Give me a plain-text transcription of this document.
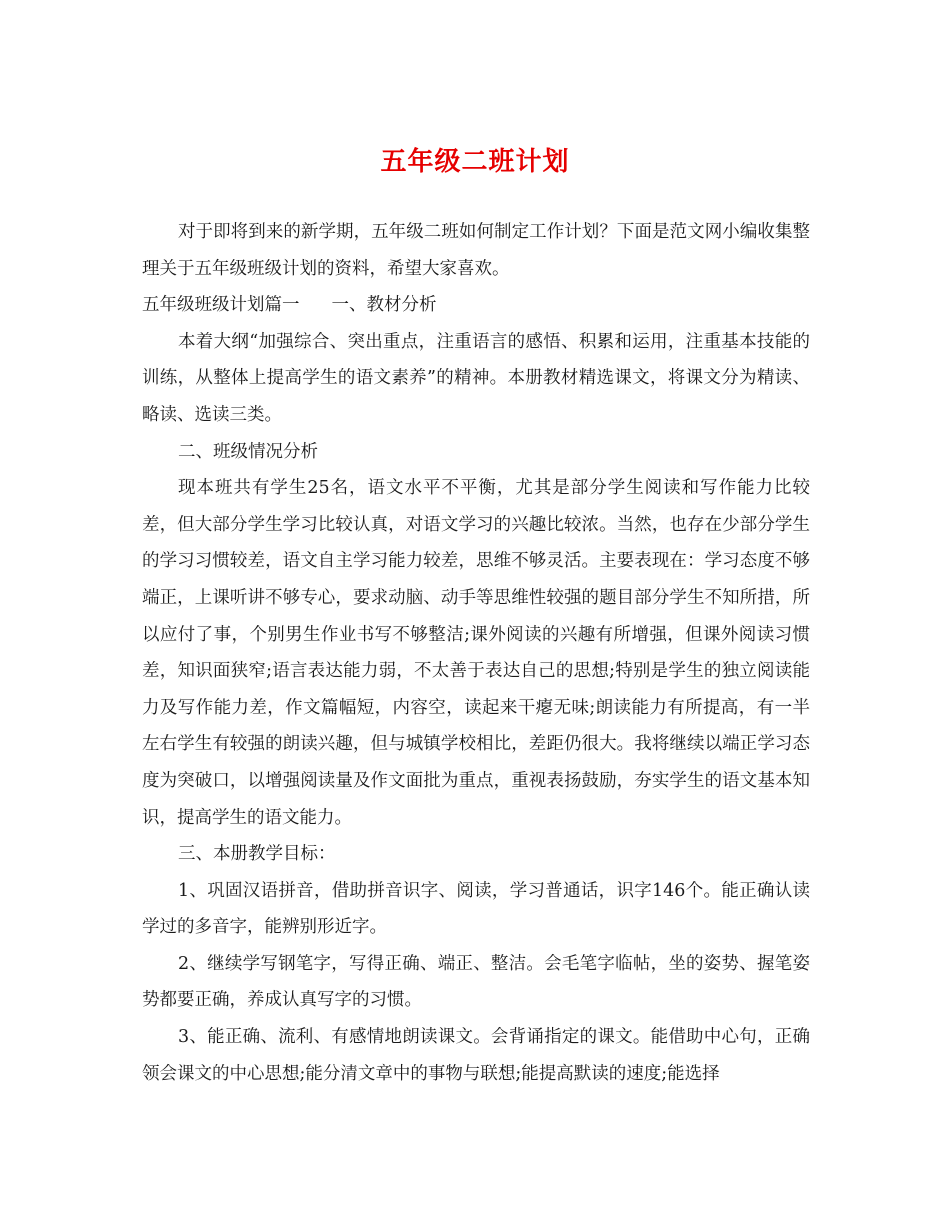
五年级二班计划

对于即将到来的新学期，五年级二班如何制定工作计划？下面是范文网小编收集整理关于五年级班级计划的资料，希望大家喜欢。

五年级班级计划篇一 一、教材分析

本着大纲“加强综合、突出重点，注重语言的感悟、积累和运用，注重基本技能的训练，从整体上提高学生的语文素养”的精神。本册教材精选课文，将课文分为精读、略读、选读三类。

二、班级情况分析

现本班共有学生25名，语文水平不平衡，尤其是部分学生阅读和写作能力比较差，但大部分学生学习比较认真，对语文学习的兴趣比较浓。当然，也存在少部分学生的学习习惯较差，语文自主学习能力较差，思维不够灵活。主要表现在：学习态度不够端正，上课听讲不够专心，要求动脑、动手等思维性较强的题目部分学生不知所措，所以应付了事，个别男生作业书写不够整洁;课外阅读的兴趣有所增强，但课外阅读习惯差，知识面狭窄;语言表达能力弱，不太善于表达自己的思想;特别是学生的独立阅读能力及写作能力差，作文篇幅短，内容空，读起来干瘪无味;朗读能力有所提高，有一半左右学生有较强的朗读兴趣，但与城镇学校相比，差距仍很大。我将继续以端正学习态度为突破口，以增强阅读量及作文面批为重点，重视表扬鼓励，夯实学生的语文基本知识，提高学生的语文能力。

三、本册教学目标：

1、巩固汉语拼音，借助拼音识字、阅读，学习普通话，识字146个。能正确认读学过的多音字，能辨别形近字。

2、继续学写钢笔字，写得正确、端正、整洁。会毛笔字临帖，坐的姿势、握笔姿势都要正确，养成认真写字的习惯。

3、能正确、流利、有感情地朗读课文。会背诵指定的课文。能借助中心句，正确领会课文的中心思想;能分清文章中的事物与联想;能提高默读的速度;能选择
